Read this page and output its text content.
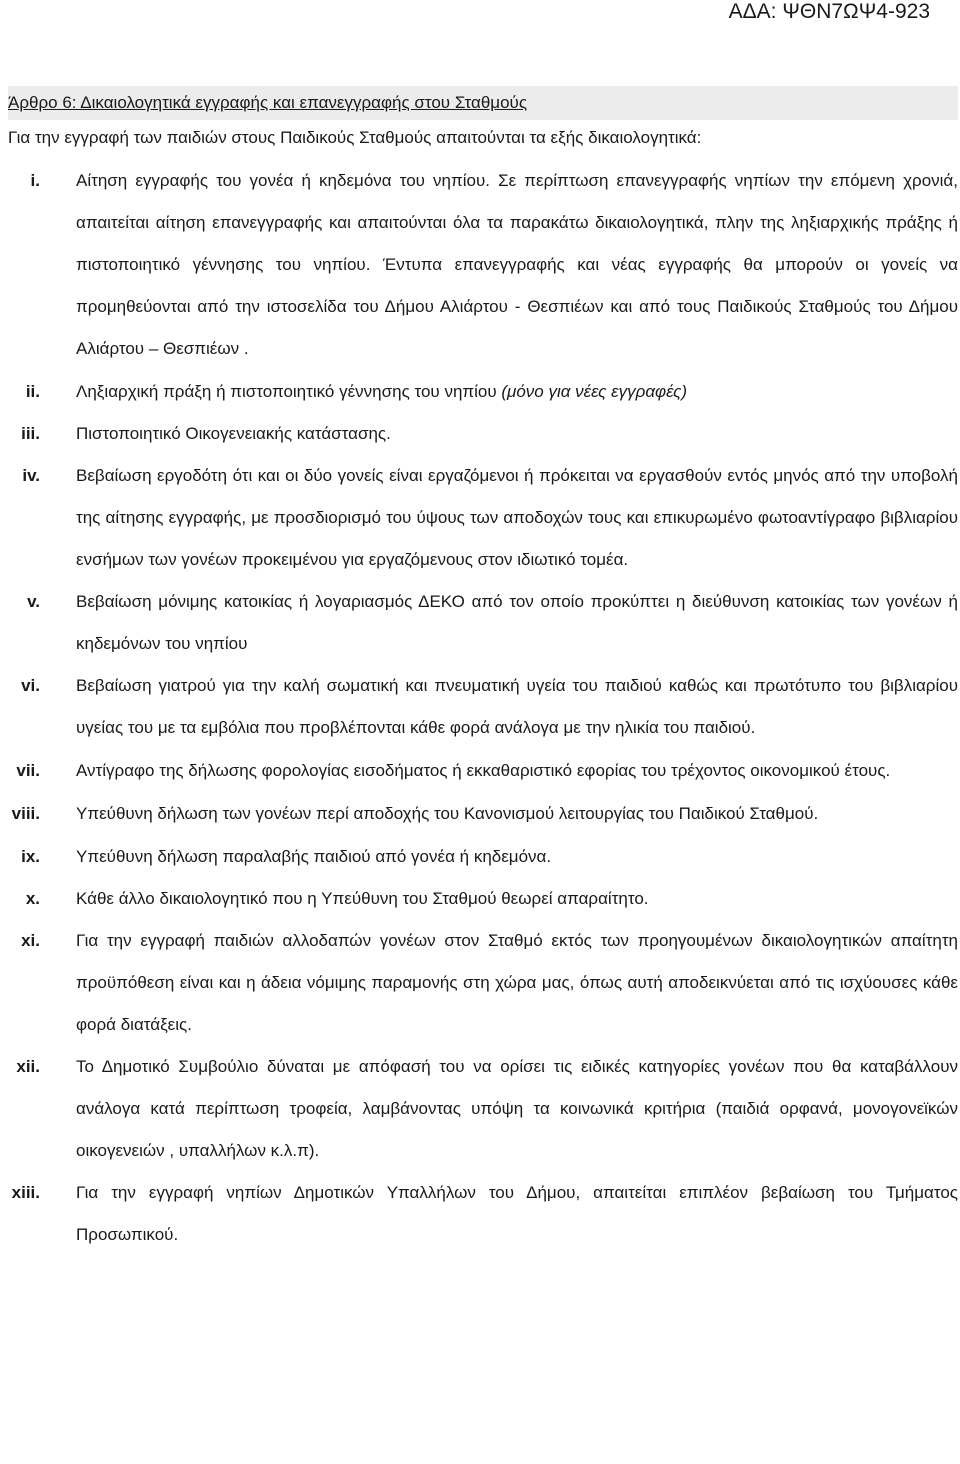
ΑΔΑ: ΨΘΝ7ΩΨ4-923
Άρθρο 6: Δικαιολογητικά εγγραφής και επανεγγραφής στου Σταθμούς
Για την εγγραφή των παιδιών στους Παιδικούς Σταθμούς απαιτούνται τα εξής δικαιολογητικά:
i. Αίτηση εγγραφής του γονέα ή κηδεμόνα του νηπίου. Σε περίπτωση επανεγγραφής νηπίων την επόμενη χρονιά, απαιτείται αίτηση επανεγγραφής και απαιτούνται όλα τα παρακάτω δικαιολογητικά, πλην της ληξιαρχικής πράξης ή πιστοποιητικό γέννησης του νηπίου. Έντυπα επανεγγραφής και νέας εγγραφής θα μπορούν οι γονείς να προμηθεύονται από την ιστοσελίδα του Δήμου Αλιάρτου - Θεσπιέων και από τους Παιδικούς Σταθμούς του Δήμου Αλιάρτου – Θεσπιέων .
ii. Ληξιαρχική πράξη ή πιστοποιητικό γέννησης του νηπίου (μόνο για νέες εγγραφές)
iii. Πιστοποιητικό Οικογενειακής κατάστασης.
iv. Βεβαίωση εργοδότη ότι και οι δύο γονείς είναι εργαζόμενοι ή πρόκειται να εργασθούν εντός μηνός από την υποβολή της αίτησης εγγραφής, με προσδιορισμό του ύψους των αποδοχών τους και επικυρωμένο φωτοαντίγραφο βιβλιαρίου ενσήμων των γονέων προκειμένου για εργαζόμενους στον ιδιωτικό τομέα.
v. Βεβαίωση μόνιμης κατοικίας ή λογαριασμός ΔΕΚΟ από τον οποίο προκύπτει η διεύθυνση κατοικίας των γονέων ή κηδεμόνων του νηπίου
vi. Βεβαίωση γιατρού για την καλή σωματική και πνευματική υγεία του παιδιού καθώς και πρωτότυπο του βιβλιαρίου υγείας του με τα εμβόλια που προβλέπονται κάθε φορά ανάλογα με την ηλικία του παιδιού.
vii. Αντίγραφο της δήλωσης φορολογίας εισοδήματος ή εκκαθαριστικό εφορίας του τρέχοντος οικονομικού έτους.
viii. Υπεύθυνη δήλωση των γονέων περί αποδοχής του Κανονισμού λειτουργίας του Παιδικού Σταθμού.
ix. Υπεύθυνη δήλωση παραλαβής παιδιού από γονέα ή κηδεμόνα.
x. Κάθε άλλο δικαιολογητικό που η Υπεύθυνη του Σταθμού θεωρεί απαραίτητο.
xi. Για την εγγραφή παιδιών αλλοδαπών γονέων στον Σταθμό εκτός των προηγουμένων δικαιολογητικών απαίτητη προϋπόθεση είναι και η άδεια νόμιμης παραμονής στη χώρα μας, όπως αυτή αποδεικνύεται από τις ισχύουσες κάθε φορά διατάξεις.
xii. Το Δημοτικό Συμβούλιο δύναται με απόφασή του να ορίσει τις ειδικές κατηγορίες γονέων που θα καταβάλλουν ανάλογα κατά περίπτωση τροφεία, λαμβάνοντας υπόψη τα κοινωνικά κριτήρια (παιδιά ορφανά, μονογονεϊκών οικογενειών , υπαλλήλων κ.λ.π).
xiii. Για την εγγραφή νηπίων Δημοτικών Υπαλλήλων του Δήμου, απαιτείται επιπλέον βεβαίωση του Τμήματος Προσωπικού.
